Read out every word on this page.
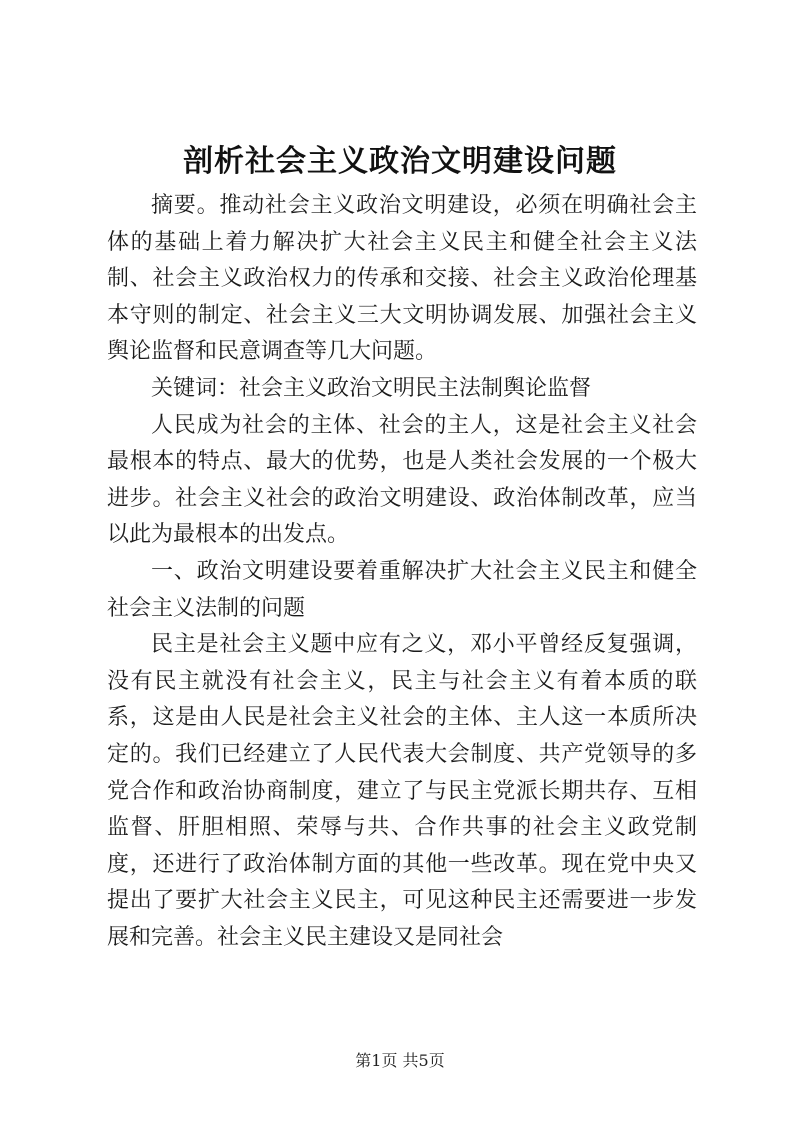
剖析社会主义政治文明建设问题

摘要。推动社会主义政治文明建设，必须在明确社会主体的基础上着力解决扩大社会主义民主和健全社会主义法制、社会主义政治权力的传承和交接、社会主义政治伦理基本守则的制定、社会主义三大文明协调发展、加强社会主义舆论监督和民意调查等几大问题。

关键词：社会主义政治文明民主法制舆论监督

人民成为社会的主体、社会的主人，这是社会主义社会最根本的特点、最大的优势，也是人类社会发展的一个极大进步。社会主义社会的政治文明建设、政治体制改革，应当以此为最根本的出发点。

一、政治文明建设要着重解决扩大社会主义民主和健全社会主义法制的问题

民主是社会主义题中应有之义，邓小平曾经反复强调，没有民主就没有社会主义，民主与社会主义有着本质的联系，这是由人民是社会主义社会的主体、主人这一本质所决定的。我们已经建立了人民代表大会制度、共产党领导的多党合作和政治协商制度，建立了与民主党派长期共存、互相监督、肝胆相照、荣辱与共、合作共事的社会主义政党制度，还进行了政治体制方面的其他一些改革。现在党中央又提出了要扩大社会主义民主，可见这种民主还需要进一步发展和完善。社会主义民主建设又是同社会

第1页 共5页
